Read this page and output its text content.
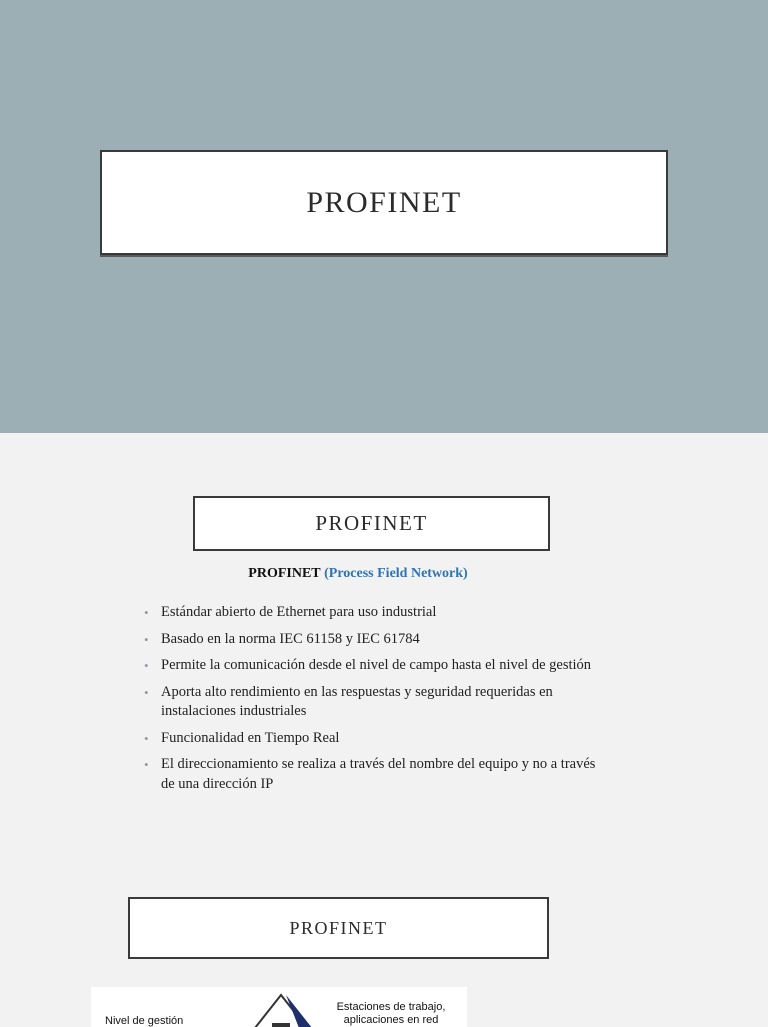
PROFINET
PROFINET
PROFINET (Process Field Network)
• Estándar abierto de Ethernet para uso industrial
• Basado en la norma IEC 61158 y IEC 61784
• Permite la comunicación desde el nivel de campo hasta el nivel de gestión
• Aporta alto rendimiento en las respuestas y seguridad requeridas en instalaciones industriales
• Funcionalidad en Tiempo Real
• El direccionamiento se realiza a través del nombre del equipo y no a través de una dirección IP
PROFINET
Nivel de gestión
Estaciones de trabajo,
aplicaciones en red
